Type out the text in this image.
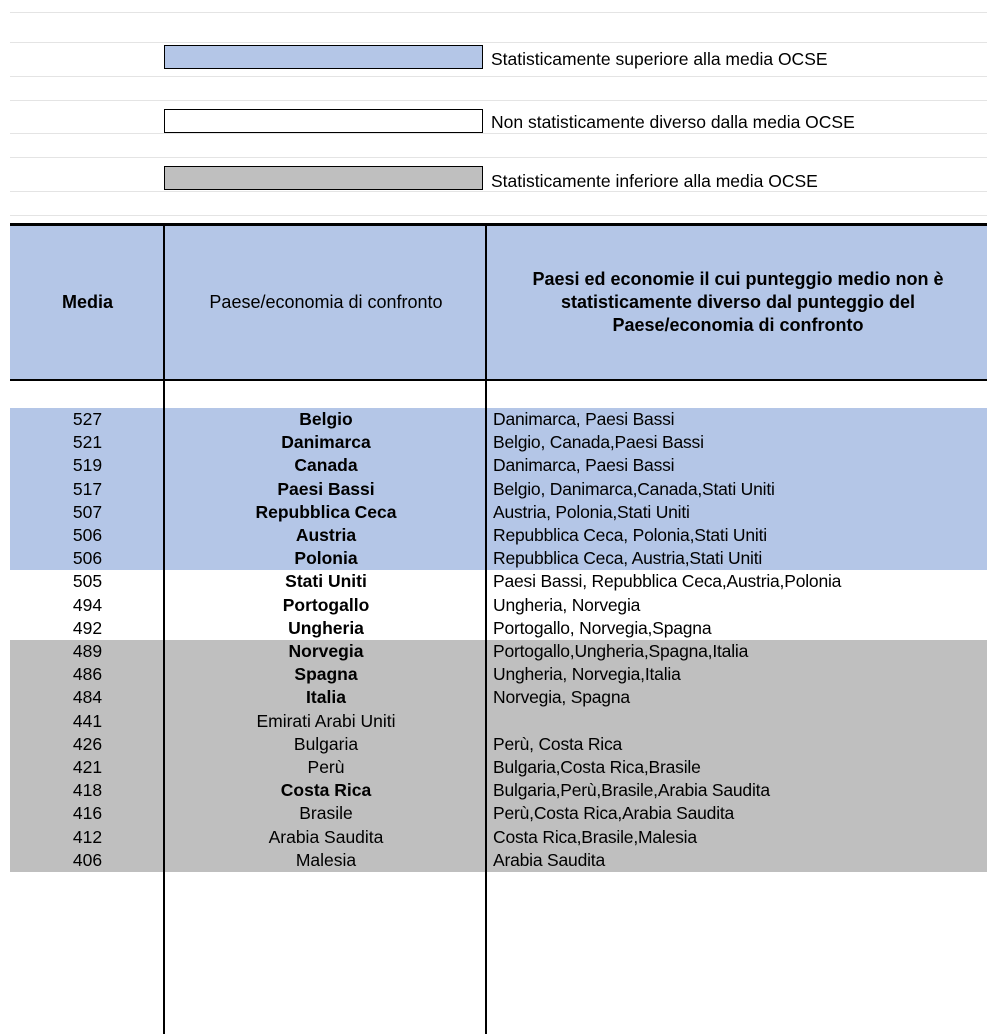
Statisticamente superiore alla media OCSE
Non statisticamente diverso dalla media OCSE
Statisticamente inferiore alla media OCSE
Media	Paese/economia di confronto
Paesi ed economie il cui punteggio medio non è statisticamente diverso dal punteggio del Paese/economia di confronto
527	Belgio	Danimarca, Paesi Bassi
521	Danimarca	Belgio, Canada,Paesi Bassi
519	Canada	Danimarca, Paesi Bassi
517	Paesi Bassi	Belgio, Danimarca,Canada,Stati Uniti
507	Repubblica Ceca	Austria, Polonia,Stati Uniti
506	Austria	Repubblica Ceca, Polonia,Stati Uniti
506	Polonia	Repubblica Ceca, Austria,Stati Uniti
505	Stati Uniti	Paesi Bassi, Repubblica Ceca,Austria,Polonia
494	Portogallo	Ungheria, Norvegia
492	Ungheria	Portogallo, Norvegia,Spagna
489	Norvegia	Portogallo,Ungheria,Spagna,Italia
486	Spagna	Ungheria, Norvegia,Italia
484	Italia	Norvegia, Spagna
441	Emirati Arabi Uniti
426	Bulgaria	Perù, Costa Rica
421	Perù	Bulgaria,Costa Rica,Brasile
418	Costa Rica	Bulgaria,Perù,Brasile,Arabia Saudita
416	Brasile	Perù,Costa Rica,Arabia Saudita
412	Arabia Saudita	Costa Rica,Brasile,Malesia
406	Malesia	Arabia Saudita
